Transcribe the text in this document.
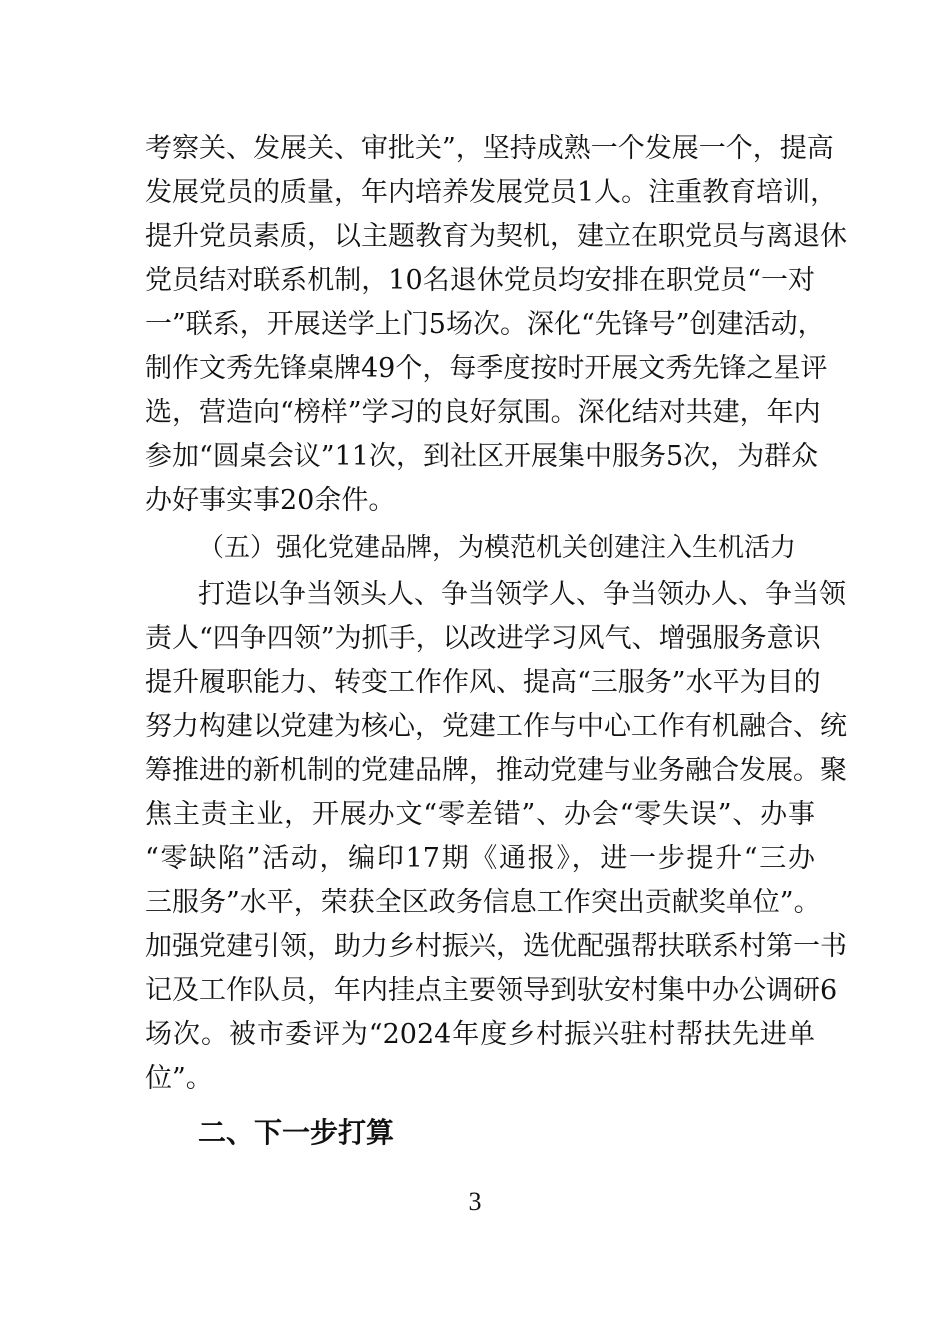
考察关、发展关、审批关”，坚持成熟一个发展一个，提高
发展党员的质量，年内培养发展党员1人。注重教育培训，
提升党员素质，以主题教育为契机，建立在职党员与离退休
党员结对联系机制，10名退休党员均安排在职党员“一对
一”联系，开展送学上门5场次。深化“先锋号”创建活动，
制作文秀先锋桌牌49个，每季度按时开展文秀先锋之星评
选，营造向“榜样”学习的良好氛围。深化结对共建，年内
参加“圆桌会议”11次，到社区开展集中服务5次，为群众
办好事实事20余件。
（五）强化党建品牌，为模范机关创建注入生机活力
打造以争当领头人、争当领学人、争当领办人、争当领
责人“四争四领”为抓手，以改进学习风气、增强服务意识
提升履职能力、转变工作作风、提高“三服务”水平为目的
努力构建以党建为核心，党建工作与中心工作有机融合、统
筹推进的新机制的党建品牌，推动党建与业务融合发展。聚
焦主责主业，开展办文“零差错”、办会“零失误”、办事
“零缺陷”活动，编印17期《通报》，进一步提升“三办
三服务”水平，荣获全区政务信息工作突出贡献奖单位”。
加强党建引领，助力乡村振兴，选优配强帮扶联系村第一书
记及工作队员，年内挂点主要领导到驮安村集中办公调研6
场次。被市委评为“2024年度乡村振兴驻村帮扶先进单
位”。
二、下一步打算
3
